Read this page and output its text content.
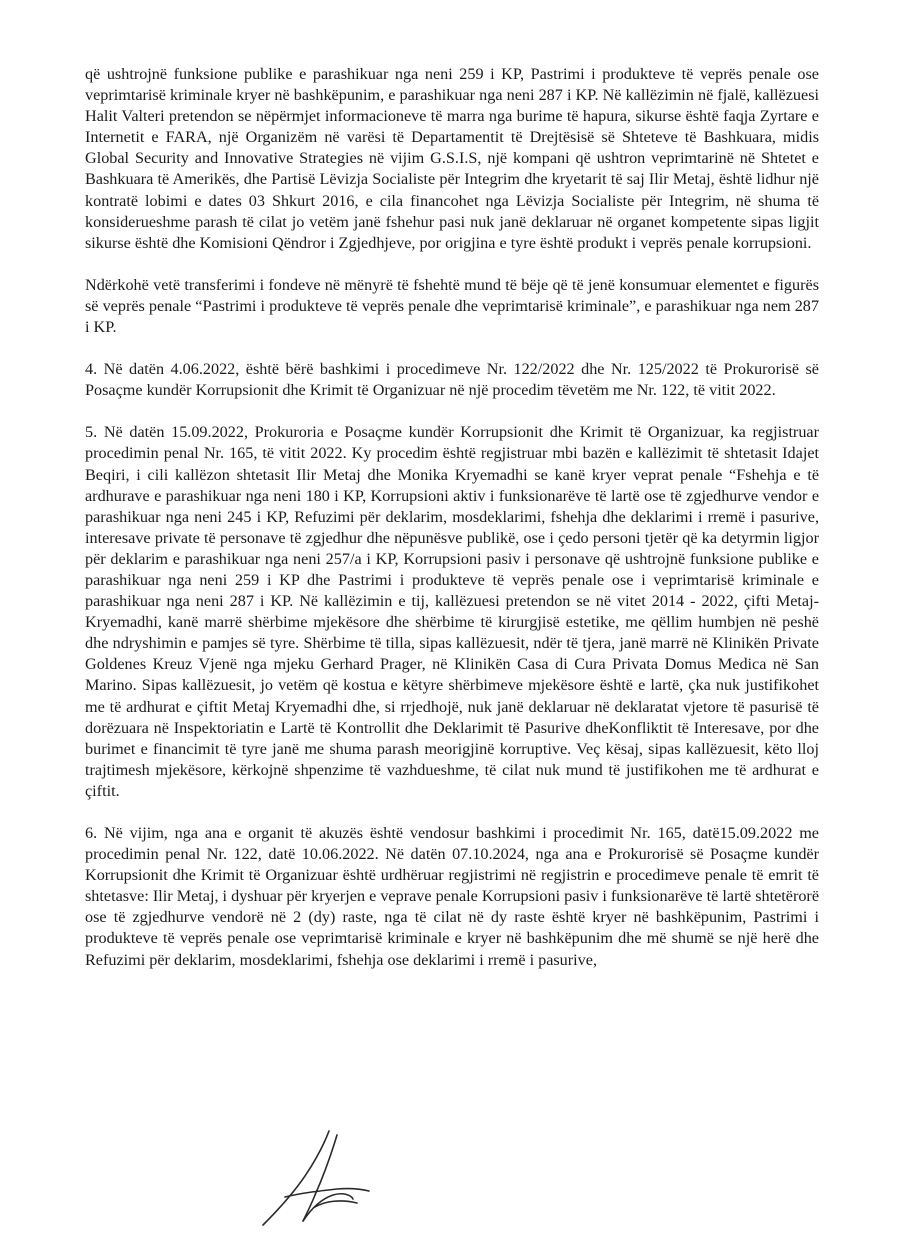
që ushtrojnë funksione publike e parashikuar nga neni 259 i KP, Pastrimi i produkteve të veprës penale ose veprimtarisë kriminale kryer në bashkëpunim, e parashikuar nga neni 287 i KP. Në kallëzimin në fjalë, kallëzuesi Halit Valteri pretendon se nëpërmjet informacioneve të marra nga burime të hapura, sikurse është faqja Zyrtare e Internetit e FARA, një Organizëm në varësi të Departamentit të Drejtësisë së Shteteve të Bashkuara, midis Global Security and Innovative Strategies në vijim G.S.I.S, një kompani që ushtron veprimtarinë në Shtetet e Bashkuara të Amerikës, dhe Partisë Lëvizja Socialiste për Integrim dhe kryetarit të saj Ilir Metaj, është lidhur një kontratë lobimi e dates 03 Shkurt 2016, e cila financohet nga Lëvizja Socialiste për Integrim, në shuma të konsiderueshme parash të cilat jo vetëm janë fshehur pasi nuk janë deklaruar në organet kompetente sipas ligjit sikurse është dhe Komisioni Qëndror i Zgjedhjeve, por origjina e tyre është produkt i veprës penale korrupsioni.

Ndërkohë vetë transferimi i fondeve në mënyrë të fshehtë mund të bëje që të jenë konsumuar elementet e figurës së veprës penale “Pastrimi i produkteve të veprës penale dhe veprimtarisë kriminale”, e parashikuar nga nem 287 i KP.

4. Në datën 4.06.2022, është bërë bashkimi i procedimeve Nr. 122/2022 dhe Nr. 125/2022 të Prokurorisë së Posaçme kundër Korrupsionit dhe Krimit të Organizuar në një procedim tëvetëm me Nr. 122, të vitit 2022.

5. Në datën 15.09.2022, Prokuroria e Posaçme kundër Korrupsionit dhe Krimit të Organizuar, ka regjistruar procedimin penal Nr. 165, të vitit 2022. Ky procedim është regjistruar mbi bazën e kallëzimit të shtetasit Idajet Beqiri, i cili kallëzon shtetasit Ilir Metaj dhe Monika Kryemadhi se kanë kryer veprat penale “Fshehja e të ardhurave e parashikuar nga neni 180 i KP, Korrupsioni aktiv i funksionarëve të lartë ose të zgjedhurve vendor e parashikuar nga neni 245 i KP, Refuzimi për deklarim, mosdeklarimi, fshehja dhe deklarimi i rremë i pasurive, interesave private të personave të zgjedhur dhe nëpunësve publikë, ose i çedo personi tjetër që ka detyrmin ligjor për deklarim e parashikuar nga neni 257/a i KP, Korrupsioni pasiv i personave që ushtrojnë funksione publike e parashikuar nga neni 259 i KP dhe Pastrimi i produkteve të veprës penale ose i veprimtarisë kriminale e parashikuar nga neni 287 i KP. Në kallëzimin e tij, kallëzuesi pretendon se në vitet 2014 - 2022, çifti Metaj-Kryemadhi, kanë marrë shërbime mjekësore dhe shërbime të kirurgjisë estetike, me qëllim humbjen në peshë dhe ndryshimin e pamjes së tyre. Shërbime të tilla, sipas kallëzuesit, ndër të tjera, janë marrë në Klinikën Private Goldenes Kreuz Vjenë nga mjeku Gerhard Prager, në Klinikën Casa di Cura Privata Domus Medica në San Marino. Sipas kallëzuesit, jo vetëm që kostua e këtyre shërbimeve mjekësore është e lartë, çka nuk justifikohet me të ardhurat e çiftit Metaj Kryemadhi dhe, si rrjedhojë, nuk janë deklaruar në deklaratat vjetore të pasurisë të dorëzuara në Inspektoriatin e Lartë të Kontrollit dhe Deklarimit të Pasurive dheKonfliktit të Interesave, por dhe burimet e financimit të tyre janë me shuma parash meorigjinë korruptive. Veç kësaj, sipas kallëzuesit, këto lloj trajtimesh mjekësore, kërkojnë shpenzime të vazhdueshme, të cilat nuk mund të justifikohen me të ardhurat e çiftit.

6. Në vijim, nga ana e organit të akuzës është vendosur bashkimi i procedimit Nr. 165, datë15.09.2022 me procedimin penal Nr. 122, datë 10.06.2022. Në datën 07.10.2024, nga ana e Prokurorisë së Posaçme kundër Korrupsionit dhe Krimit të Organizuar është urdhëruar regjistrimi në regjistrin e procedimeve penale të emrit të shtetasve: Ilir Metaj, i dyshuar për kryerjen e veprave penale Korrupsioni pasiv i funksionarëve të lartë shtetërorë ose të zgjedhurve vendorë në 2 (dy) raste, nga të cilat në dy raste është kryer në bashkëpunim, Pastrimi i produkteve të veprës penale ose veprimtarisë kriminale e kryer në bashkëpunim dhe më shumë se një herë dhe Refuzimi për deklarim, mosdeklarimi, fshehja ose deklarimi i rremë i pasurive,
